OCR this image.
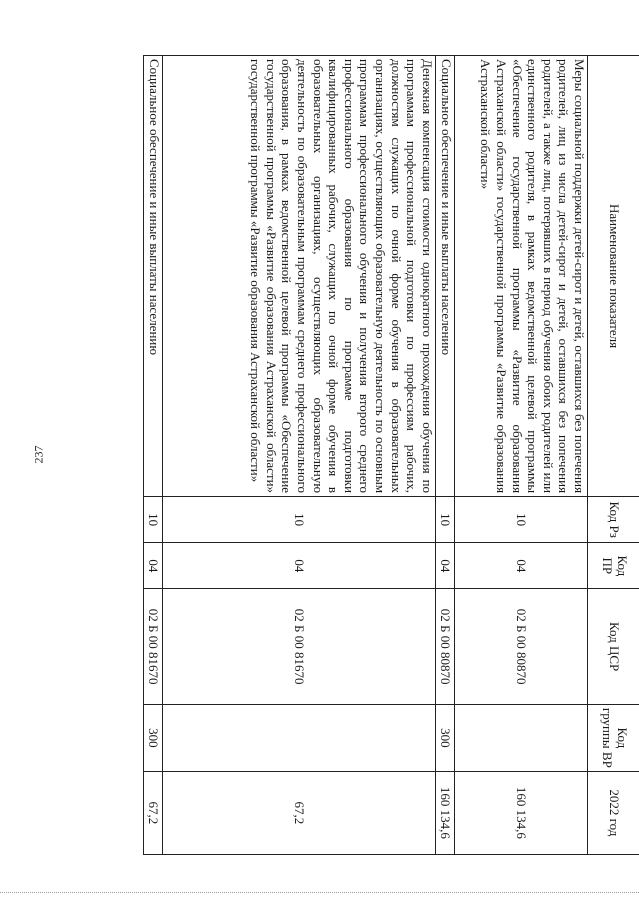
237
Наименование показателя	Код Рз	Код ПР	Код ЦСР	Код группы ВР	2022 год
Меры социальной поддержки детей-сирот и детей, оставшихся без попечения родителей, лиц из числа детей-сирот и детей, оставшихся без попечения родителей, а также лиц, потерявших в период обучения обоих родителей или единственного родителя, в рамках ведомственной целевой программы «Обеспечение государственной программы «Развитие образования Астраханской области» государственной программы «Развитие образования Астраханской области»	10	04	02 Б 00 80870		160 134,6
Социальное обеспечение и иные выплаты населению	10	04	02 Б 00 80870	300	160 134,6
Денежная компенсация стоимости однократного прохождения обучения по программам профессиональной подготовки по профессиям рабочих, должностям служащих по очной форме обучения в образовательных организациях, осуществляющих образовательную деятельность по основным программам профессионального обучения и получения второго среднего профессионального образования по программе подготовки квалифицированных рабочих, служащих по очной форме обучения в образовательных организациях, осуществляющих образовательную деятельность по образовательным программам среднего профессионального образования, в рамках ведомственной целевой программы «Обеспечение государственной программы «Развитие образования Астраханской области» государственной программы «Развитие образования Астраханской области»	10	04	02 Б 00 81670		67,2
Социальное обеспечение и иные выплаты населению	10	04	02 Б 00 81670	300	67,2
